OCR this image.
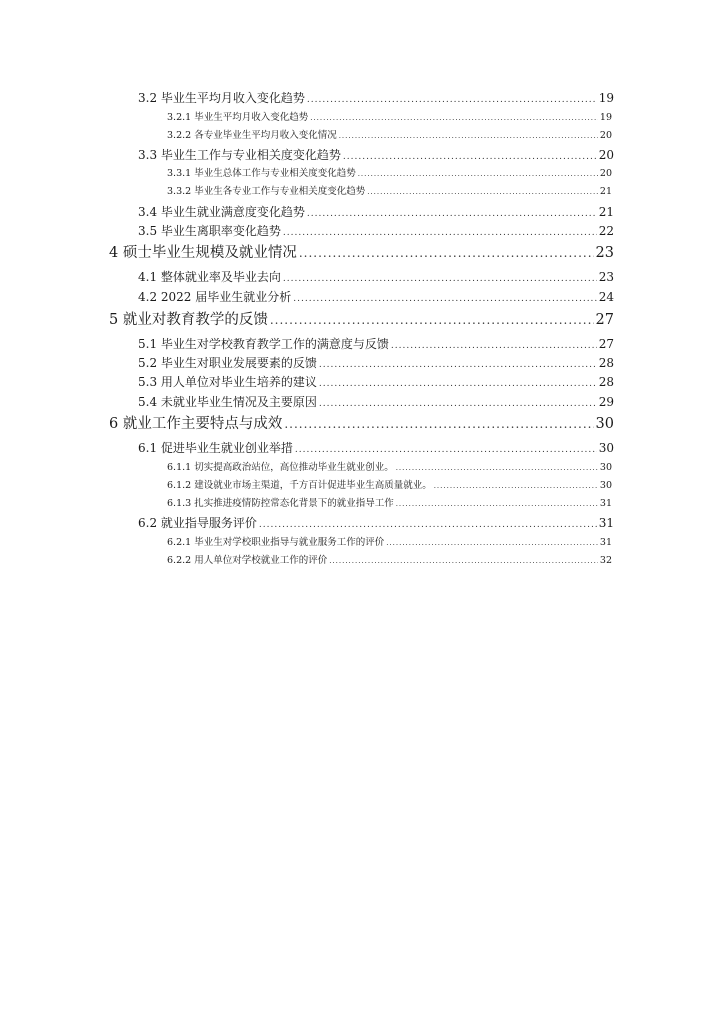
3.2 毕业生平均月收入变化趋势 .....	19
3.2.1 毕业生平均月收入变化趋势 .....	19
3.2.2 各专业毕业生平均月收入变化情况 .....	20
3.3 毕业生工作与专业相关度变化趋势 .....	20
3.3.1 毕业生总体工作与专业相关度变化趋势 .....	20
3.3.2 毕业生各专业工作与专业相关度变化趋势 .....	21
3.4 毕业生就业满意度变化趋势 .....	21
3.5 毕业生离职率变化趋势 .....	22
4 硕士毕业生规模及就业情况 .....	23
4.1 整体就业率及毕业去向 .....	23
4.2 2022 届毕业生就业分析 .....	24
5 就业对教育教学的反馈 .....	27
5.1 毕业生对学校教育教学工作的满意度与反馈 .....	27
5.2 毕业生对职业发展要素的反馈 .....	28
5.3 用人单位对毕业生培养的建议 .....	28
5.4 未就业毕业生情况及主要原因 .....	29
6 就业工作主要特点与成效 .....	30
6.1 促进毕业生就业创业举措 .....	30
6.1.1 切实提高政治站位，高位推动毕业生就业创业。 .....	30
6.1.2 建设就业市场主渠道，千方百计促进毕业生高质量就业。 .....	30
6.1.3 扎实推进疫情防控常态化背景下的就业指导工作 .....	31
6.2 就业指导服务评价 .....	31
6.2.1 毕业生对学校职业指导与就业服务工作的评价 .....	31
6.2.2 用人单位对学校就业工作的评价 .....	32
